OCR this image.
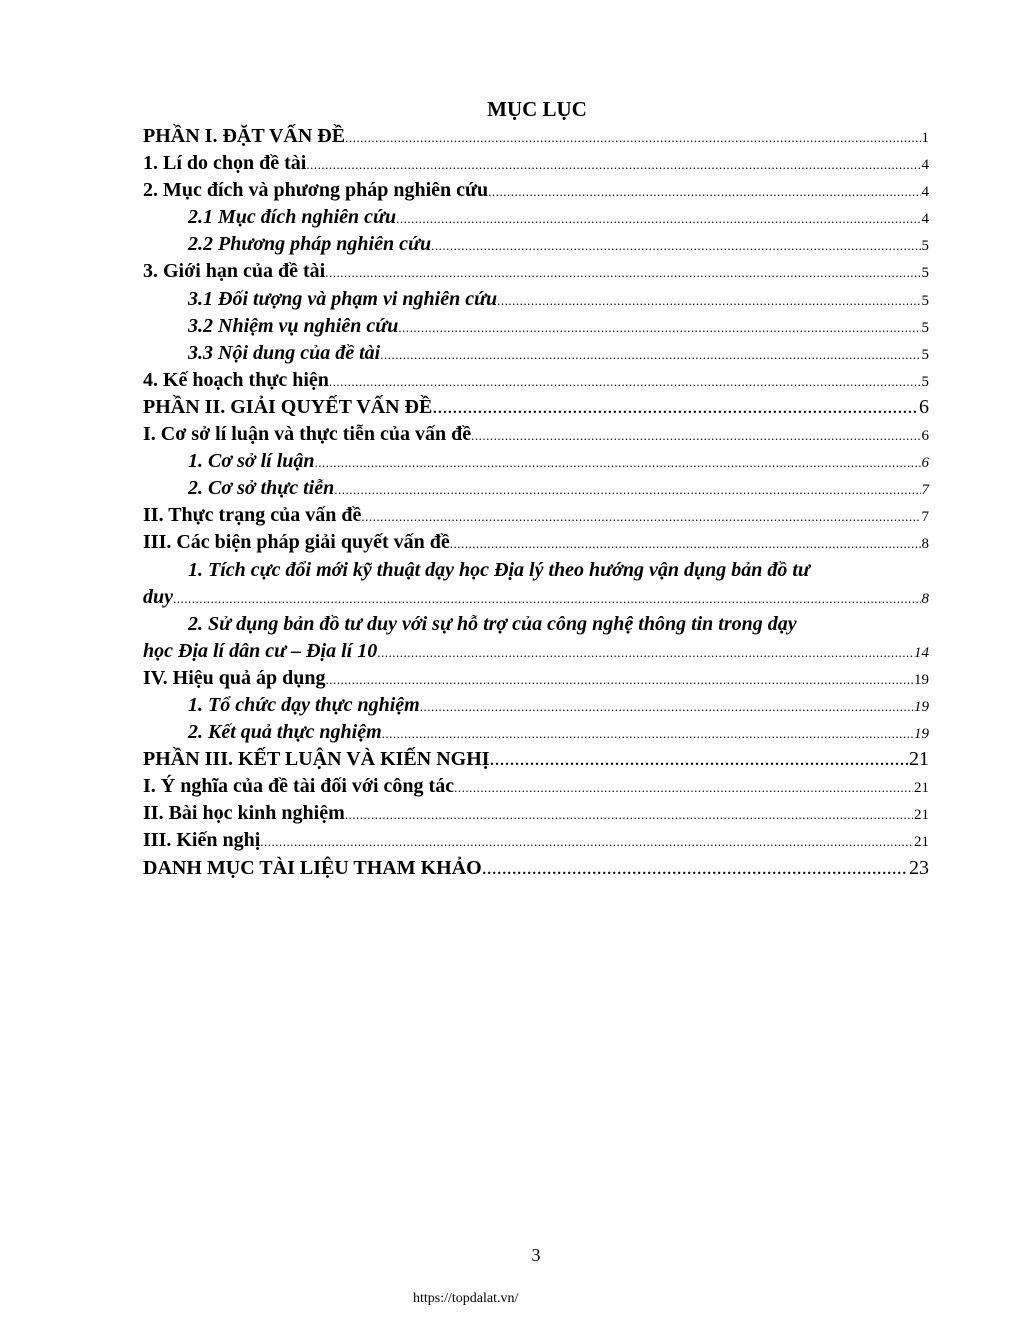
MỤC LỤC
PHẦN I. ĐẶT VẤN ĐỀ .....	1
1. Lí do chọn đề tài .....	4
2. Mục đích và phương pháp nghiên cứu .....	4
2.1 Mục đích nghiên cứu .....	4
2.2 Phương pháp nghiên cứu .....	5
3. Giới hạn của đề tài .....	5
3.1 Đối tượng và phạm vi nghiên cứu .....	5
3.2 Nhiệm vụ nghiên cứu .....	5
3.3 Nội dung của đề tài .....	5
4. Kế hoạch thực hiện .....	5
PHẦN II. GIẢI QUYẾT VẤN ĐỀ .....	6
I. Cơ sở lí luận và thực tiễn của vấn đề .....	6
1. Cơ sở lí luận .....	6
2. Cơ sở thực tiễn .....	7
II. Thực trạng của vấn đề .....	7
III. Các biện pháp giải quyết vấn đề .....	8
1. Tích cực đổi mới kỹ thuật dạy học Địa lý theo hướng vận dụng bản đồ tư
duy .....	8
2. Sử dụng bản đồ tư duy với sự hỗ trợ của công nghệ thông tin trong dạy
học Địa lí dân cư – Địa lí 10 .....	14
IV. Hiệu quả áp dụng .....	19
1. Tổ chức dạy thực nghiệm .....	19
2. Kết quả thực nghiệm .....	19
PHẦN III. KẾT LUẬN VÀ KIẾN NGHỊ .....	21
I. Ý nghĩa của đề tài đối với công tác .....	21
II. Bài học kinh nghiệm .....	21
III. Kiến nghị .....	21
DANH MỤC TÀI LIỆU THAM KHẢO .....	23
3
https://topdalat.vn/
